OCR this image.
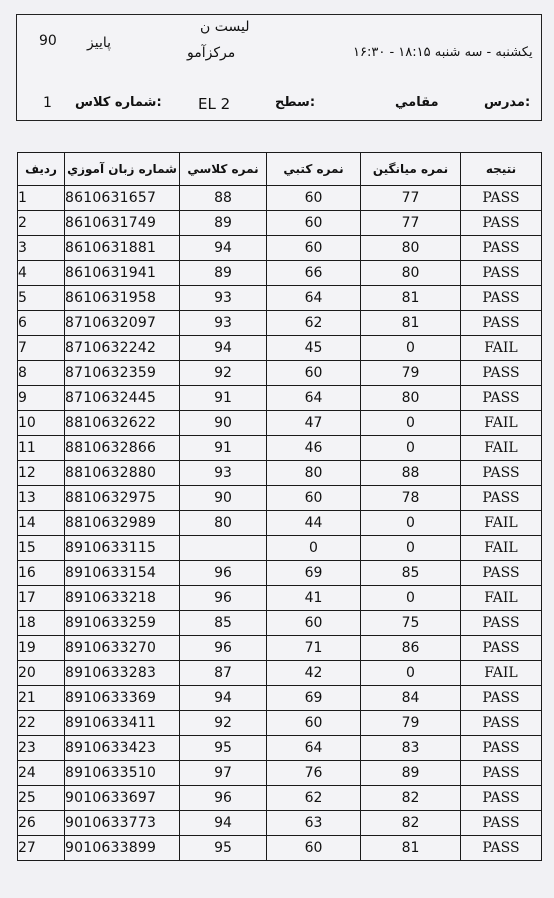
لیست ن
90 پاییز
مرکزآمو	یکشنبه - سه شنبه ۱۸:۱۵ - ۱۶:۳۰
1 شماره کلاس: EL 2	سطح:	مقامي	مدرس:
رديف	شماره زبان آموزي	نمره كلاسي	نمره كتبي	نمره ميانگين	نتيجه
1	8610631657	88	60	77	PASS
2	8610631749	89	60	77	PASS
3	8610631881	94	60	80	PASS
4	8610631941	89	66	80	PASS
5	8610631958	93	64	81	PASS
6	8710632097	93	62	81	PASS
7	8710632242	94	45	0	FAIL
8	8710632359	92	60	79	PASS
9	8710632445	91	64	80	PASS
10	8810632622	90	47	0	FAIL
11	8810632866	91	46	0	FAIL
12	8810632880	93	80	88	PASS
13	8810632975	90	60	78	PASS
14	8810632989	80	44	0	FAIL
15	8910633115		0	0	FAIL
16	8910633154	96	69	85	PASS
17	8910633218	96	41	0	FAIL
18	8910633259	85	60	75	PASS
19	8910633270	96	71	86	PASS
20	8910633283	87	42	0	FAIL
21	8910633369	94	69	84	PASS
22	8910633411	92	60	79	PASS
23	8910633423	95	64	83	PASS
24	8910633510	97	76	89	PASS
25	9010633697	96	62	82	PASS
26	9010633773	94	63	82	PASS
27	9010633899	95	60	81	PASS
